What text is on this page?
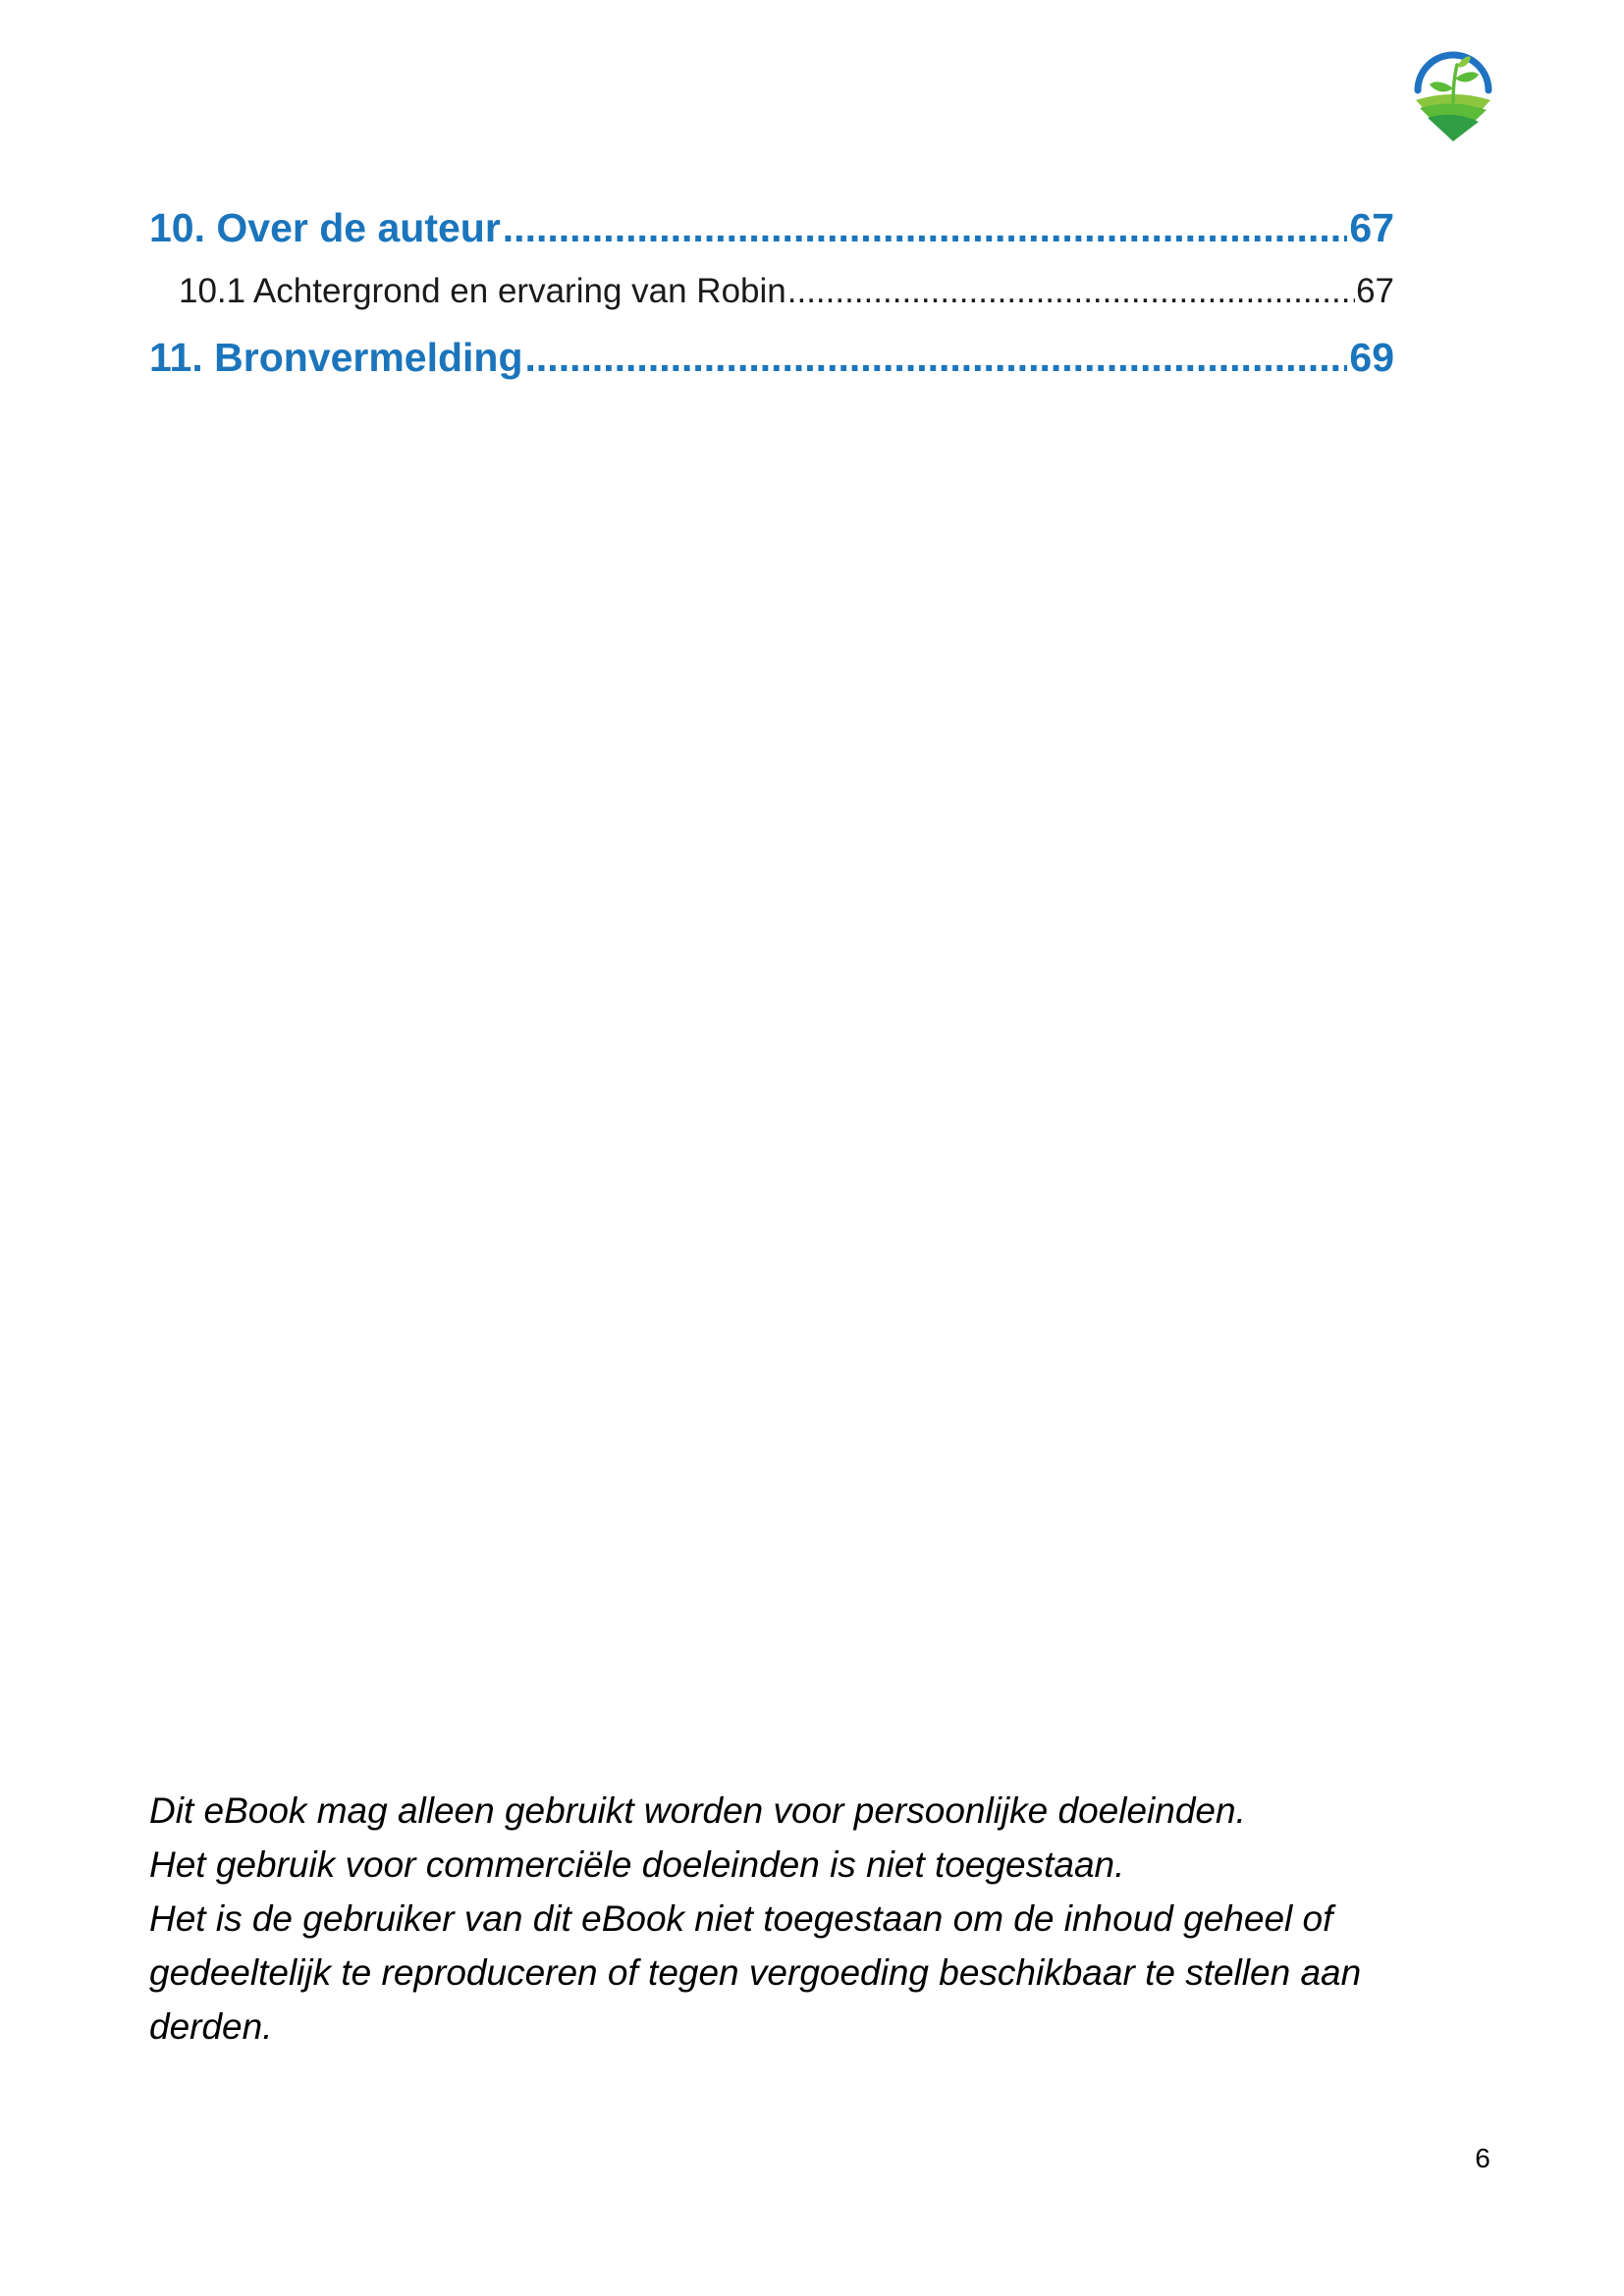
10. Over de auteur .....	67
10.1 Achtergrond en ervaring van Robin .....	67
11. Bronvermelding .....	69

Dit eBook mag alleen gebruikt worden voor persoonlijke doeleinden.

Het gebruik voor commerciële doeleinden is niet toegestaan.

Het is de gebruiker van dit eBook niet toegestaan om de inhoud geheel of gedeeltelijk te reproduceren of tegen vergoeding beschikbaar te stellen aan derden.

6
